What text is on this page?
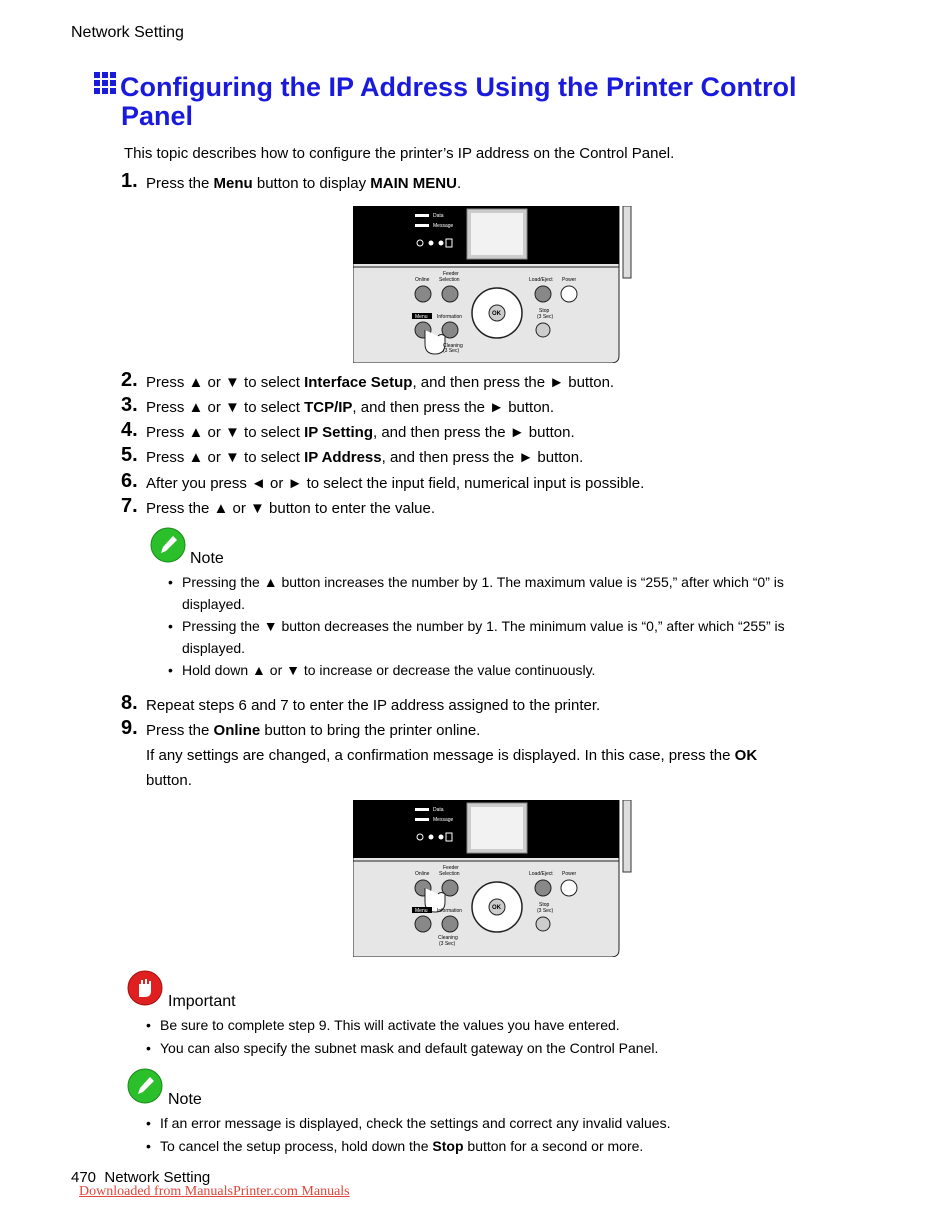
Network Setting
Configuring the IP Address Using the Printer Control
Panel
This topic describes how to configure the printer’s IP address on the Control Panel.
1. Press the Menu button to display MAIN MENU.
Data
Message
Online
Feeder
Selection
OK
Load/Eject Power
Stop
(3 Sec)
Menu Information
Cleaning
(3 Sec)
2. Press ▲ or ▼ to select Interface Setup, and then press the ► button.
3. Press ▲ or ▼ to select TCP/IP, and then press the ► button.
4. Press ▲ or ▼ to select IP Setting, and then press the ► button.
5. Press ▲ or ▼ to select IP Address, and then press the ► button.
6. After you press ◄ or ► to select the input field, numerical input is possible.
7. Press the ▲ or ▼ button to enter the value.
Note
• Pressing the ▲ button increases the number by 1. The maximum value is “255,” after which “0” is
displayed.
• Pressing the ▼ button decreases the number by 1. The minimum value is “0,” after which “255” is
displayed.
• Hold down ▲ or ▼ to increase or decrease the value continuously.
8. Repeat steps 6 and 7 to enter the IP address assigned to the printer.
9. Press the Online button to bring the printer online.
If any settings are changed, a confirmation message is displayed. In this case, press the OK
button.
Data
Message
Online
Feeder
Selection
OK
Load/Eject Power
Stop
(3 Sec)
Menu Information
Cleaning
(3 Sec)
Important
• Be sure to complete step 9. This will activate the values you have entered.
• You can also specify the subnet mask and default gateway on the Control Panel.
Note
• If an error message is displayed, check the settings and correct any invalid values.
• To cancel the setup process, hold down the Stop button for a second or more.
470 Network Setting
Downloaded from ManualsPrinter.com Manuals
